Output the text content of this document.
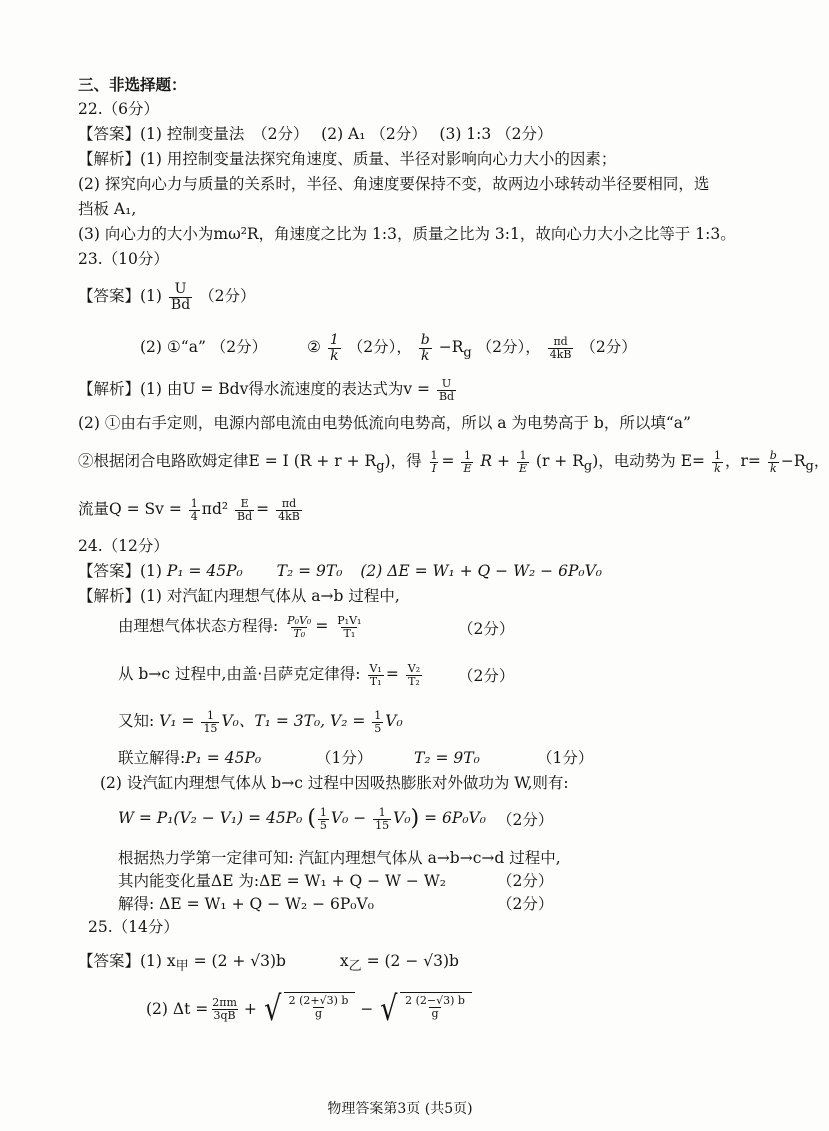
三、非选择题：
22.（6分）
【答案】(1) 控制变量法　（2分）　 (2) A₁ （2分）　 (3) 1:3 （2分）
【解析】(1) 用控制变量法探究角速度、质量、半径对影响向心力大小的因素；
(2) 探究向心力与质量的关系时，半径、角速度要保持不变，故两边小球转动半径要相同，选
挡板 A₁,
(3) 向心力的大小为mω²R，角速度之比为 1:3，质量之比为 3:1，故向心力大小之比等于 1:3。
23.（10分）
【答案】$(1) \frac{U}{Bd} (2$分）
(2) ①“a” （2分）	② $\frac{1}{k} (2$分）， $\frac{b}{k} -R_g$ （2分）， $\frac{\pi d}{4kB} (2$分）
【解析】(1) 由U = Bdv得水流速度的表达式为$v = \frac{U}{Bd}$
(2) ①由右手定则，电源内部电流由电势低流向电势高，所以 a 为电势高于 b，所以填“a”
②根据闭合电路欧姆定律E = I $(R + r + R_g)$，得 $\frac{1}{I} = \frac{1}{E}$ $R + \frac{1}{E} (r + R_g)$，电动势为 $E= \frac{1}{k}$ ，$r= \frac{b}{k} -R_g$，
流量$Q = Sv = \frac{1}{4} \pi d^2 \frac{E}{Bd} = \frac{\pi d}{4kB}$
24.（12分）
【答案】(1) P₁ = 45P₀ T₂ = 9T₀ (2) ΔE = W₁ + Q − W₂ − 6P₀V₀
【解析】(1) 对汽缸内理想气体从 a→b 过程中,
由理想气体状态方程得: $\frac{\text{P₀V₀}}{\text{T₀}} = \frac{\text{P₁V₁}}{\text{T₁}}$	（2分）
从 b→c 过程中,由盖·吕萨克定律得: $\frac{\text{V₁}}{\text{T₁}} = \frac{\text{V₂}}{\text{T₂}} (2$分）
又知: $V_1 = \frac{1}{15} V_0$、T₁ = 3T₀, $V_2 = \frac{1}{5} V_0$
联立解得:P₁ = 45P₀	（1分）	T₂ = 9T₀	（1分）
(2) 设汽缸内理想气体从 b→c 过程中因吸热膨胀对外做功为 W,则有:
W = P₁(V₂ − V₁) = 45P₀ ( $\frac{1}{5} V_0 - \frac{1}{15} V_0) = 6P_0V_0$ （2分）
根据热力学第一定律可知: 汽缸内理想气体从 a→b→c→d 过程中,
其内能变化量ΔE 为:ΔE = W₁ + Q − W − W₂	（2分）
解得: ΔE = W₁ + Q − W₂ − 6P₀V₀	（2分）
25.（14分）
【答案】(1) $x_甲 = (2 + √3)b$	$x_乙 = (2 - √3)b$
(2) $\Delta t = \frac{2\pi m}{3qB}$ + √ 2 (2+√3) b
g − √ 2 (2−√3) b
g
物理答案第3页 (共5页)
